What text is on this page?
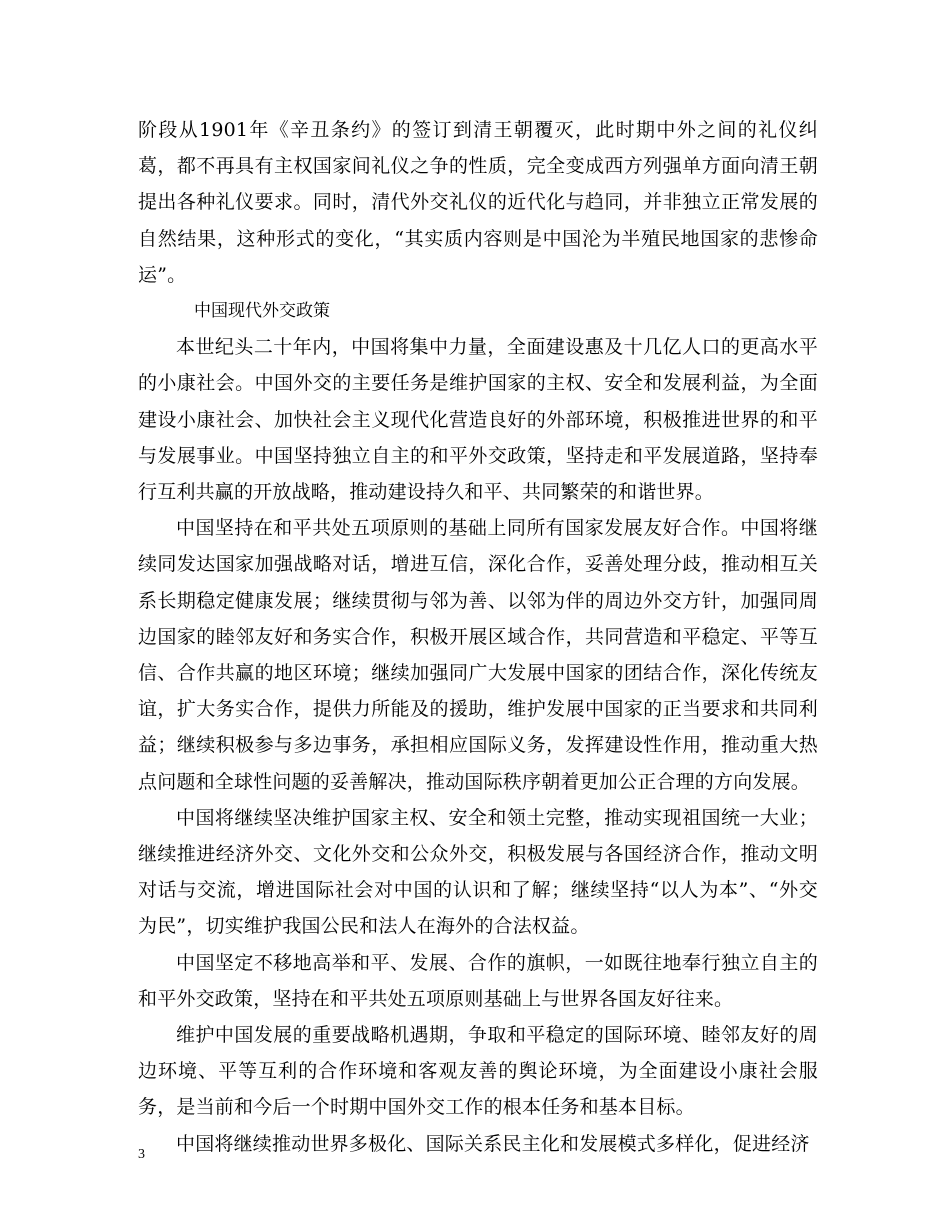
阶段从1901年《辛丑条约》的签订到清王朝覆灭，此时期中外之间的礼仪纠葛，都不再具有主权国家间礼仪之争的性质，完全变成西方列强单方面向清王朝提出各种礼仪要求。同时，清代外交礼仪的近代化与趋同，并非独立正常发展的自然结果，这种形式的变化，“其实质内容则是中国沦为半殖民地国家的悲惨命运”。

中国现代外交政策

本世纪头二十年内，中国将集中力量，全面建设惠及十几亿人口的更高水平的小康社会。中国外交的主要任务是维护国家的主权、安全和发展利益，为全面建设小康社会、加快社会主义现代化营造良好的外部环境，积极推进世界的和平与发展事业。中国坚持独立自主的和平外交政策，坚持走和平发展道路，坚持奉行互利共赢的开放战略，推动建设持久和平、共同繁荣的和谐世界。

中国坚持在和平共处五项原则的基础上同所有国家发展友好合作。中国将继续同发达国家加强战略对话，增进互信，深化合作，妥善处理分歧，推动相互关系长期稳定健康发展；继续贯彻与邻为善、以邻为伴的周边外交方针，加强同周边国家的睦邻友好和务实合作，积极开展区域合作，共同营造和平稳定、平等互信、合作共赢的地区环境；继续加强同广大发展中国家的团结合作，深化传统友谊，扩大务实合作，提供力所能及的援助，维护发展中国家的正当要求和共同利益；继续积极参与多边事务，承担相应国际义务，发挥建设性作用，推动重大热点问题和全球性问题的妥善解决，推动国际秩序朝着更加公正合理的方向发展。

中国将继续坚决维护国家主权、安全和领土完整，推动实现祖国统一大业；继续推进经济外交、文化外交和公众外交，积极发展与各国经济合作，推动文明对话与交流，增进国际社会对中国的认识和了解；继续坚持“以人为本”、“外交为民”，切实维护我国公民和法人在海外的合法权益。

中国坚定不移地高举和平、发展、合作的旗帜，一如既往地奉行独立自主的和平外交政策，坚持在和平共处五项原则基础上与世界各国友好往来。

维护中国发展的重要战略机遇期，争取和平稳定的国际环境、睦邻友好的周边环境、平等互利的合作环境和客观友善的舆论环境，为全面建设小康社会服务，是当前和今后一个时期中国外交工作的根本任务和基本目标。

中国将继续推动世界多极化、国际关系民主化和发展模式多样化，促进经济

3
